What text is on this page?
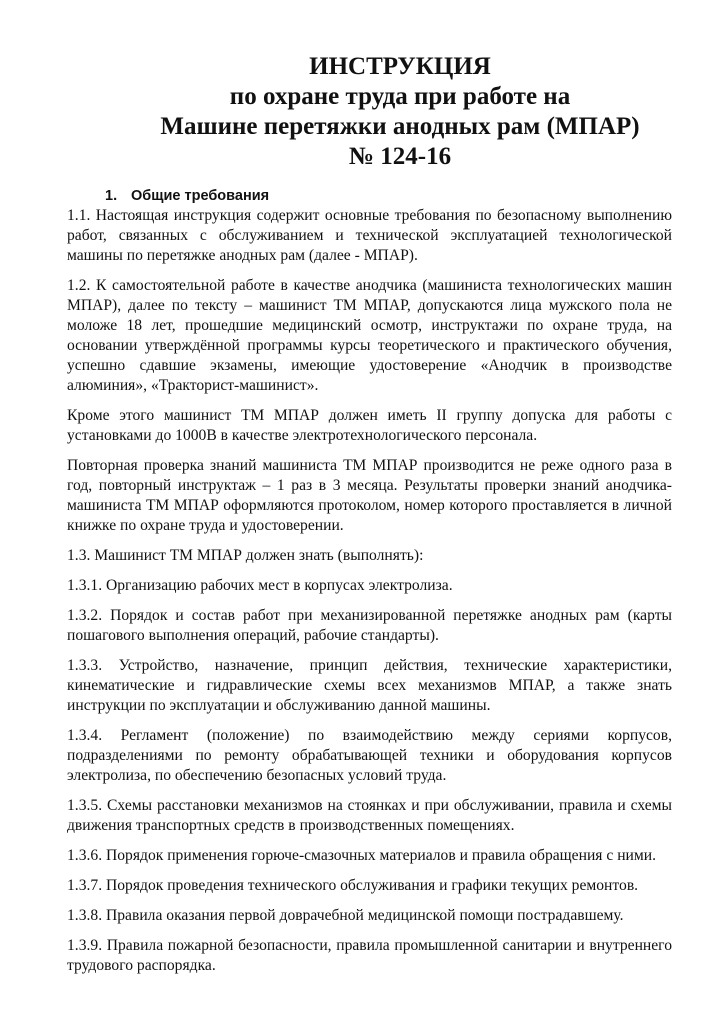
ИНСТРУКЦИЯ
по охране труда при работе на
Машине перетяжки анодных рам (МПАР)
№ 124-16
1. Общие требования

1.1. Настоящая инструкция содержит основные требования по безопасному выполнению работ, связанных с обслуживанием и технической эксплуатацией технологической машины по перетяжке анодных рам (далее - МПАР).

1.2. К самостоятельной работе в качестве анодчика (машиниста технологических машин МПАР), далее по тексту – машинист ТМ МПАР, допускаются лица мужского пола не моложе 18 лет, прошедшие медицинский осмотр, инструктажи по охране труда, на основании утверждённой программы курсы теоретического и практического обучения, успешно сдавшие экзамены, имеющие удостоверение «Анодчик в производстве алюминия», «Тракторист-машинист».

Кроме этого машинист ТМ МПАР должен иметь II группу допуска для работы с установками до 1000В в качестве электротехнологического персонала.

Повторная проверка знаний машиниста ТМ МПАР производится не реже одного раза в год, повторный инструктаж – 1 раз в 3 месяца. Результаты проверки знаний анодчика-машиниста ТМ МПАР оформляются протоколом, номер которого проставляется в личной книжке по охране труда и удостоверении.

1.3. Машинист ТМ МПАР должен знать (выполнять):

1.3.1. Организацию рабочих мест в корпусах электролиза.

1.3.2. Порядок и состав работ при механизированной перетяжке анодных рам (карты пошагового выполнения операций, рабочие стандарты).

1.3.3. Устройство, назначение, принцип действия, технические характеристики, кинематические и гидравлические схемы всех механизмов МПАР, а также знать инструкции по эксплуатации и обслуживанию данной машины.

1.3.4. Регламент (положение) по взаимодействию между сериями корпусов, подразделениями по ремонту обрабатывающей техники и оборудования корпусов электролиза, по обеспечению безопасных условий труда.

1.3.5. Схемы расстановки механизмов на стоянках и при обслуживании, правила и схемы движения транспортных средств в производственных помещениях.

1.3.6. Порядок применения горюче-смазочных материалов и правила обращения с ними.

1.3.7. Порядок проведения технического обслуживания и графики текущих ремонтов.

1.3.8. Правила оказания первой доврачебной медицинской помощи пострадавшему.

1.3.9. Правила пожарной безопасности, правила промышленной санитарии и внутреннего трудового распорядка.
